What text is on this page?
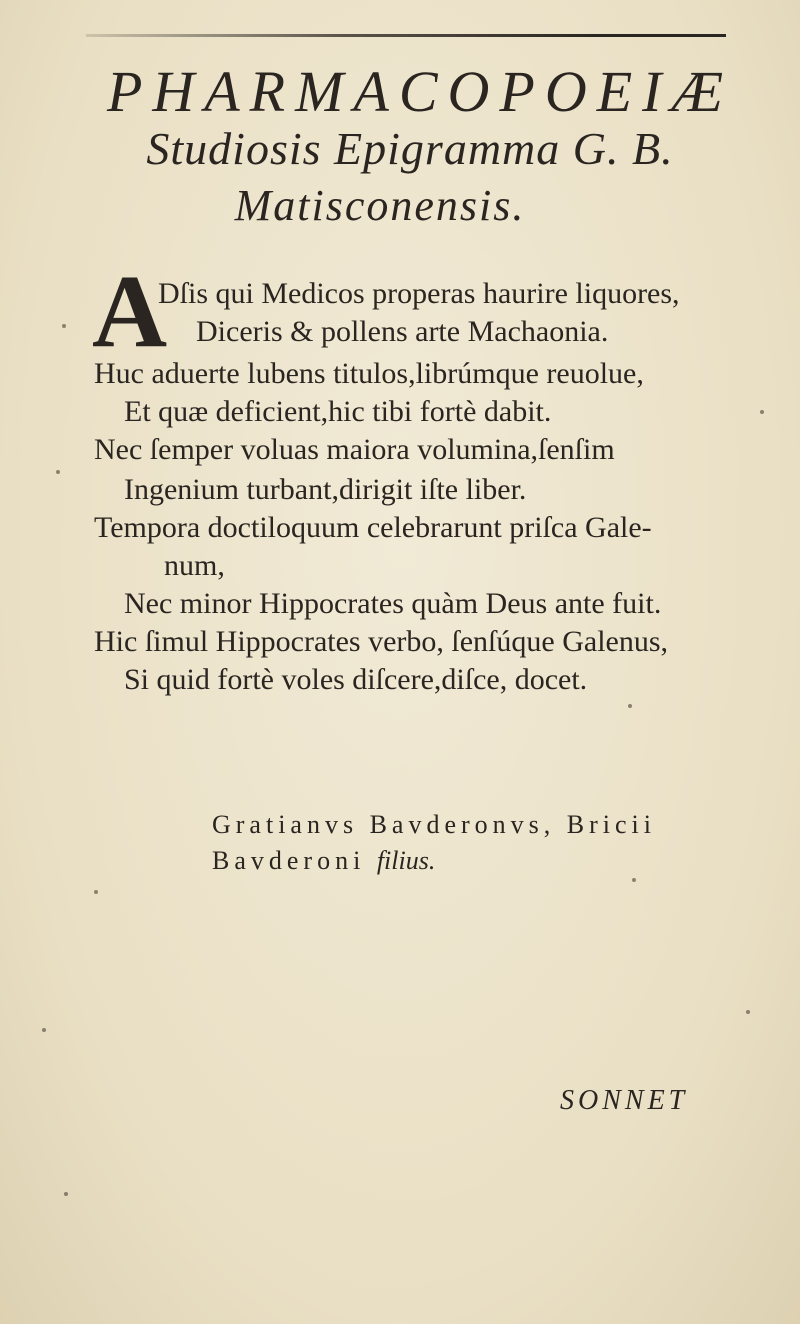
PHARMACOPOEIÆ
Studiosis Epigramma G. B.
Matisconensis.
A
Dſis qui Medicos properas haurire liquores,
Diceris & pollens arte Machaonia.
Huc aduerte lubens titulos,librúmque reuolue,
Et quæ deficient,hic tibi fortè dabit.
Nec ſemper voluas maiora volumina,ſenſim
Ingenium turbant,dirigit iſte liber.
Tempora doctiloquum celebrarunt priſca Gale-
num,
Nec minor Hippocrates quàm Deus ante fuit.
Hic ſimul Hippocrates verbo, ſenſúque Galenus,
Si quid fortè voles diſcere,diſce, docet.
Gratianvs Bavderonvs, Bricii
Bavderoni filius.
SONNET
